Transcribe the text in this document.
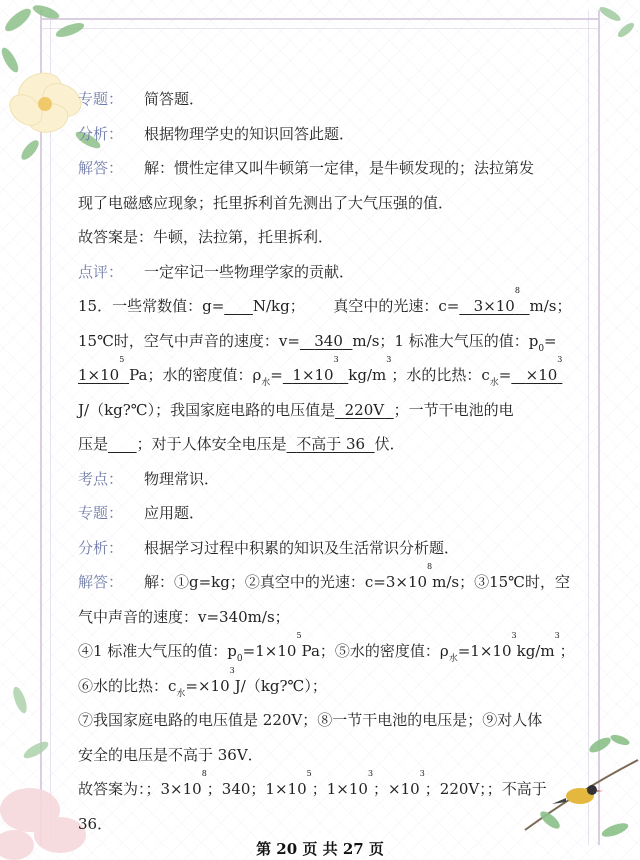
专题： 简答题．
分析： 根据物理学史的知识回答此题．
解答： 解：惯性定律又叫牛顿第一定律，是牛顿发现的；法拉第发
现了电磁感应现象；托里拆利首先测出了大气压强的值．
故答案是：牛顿，法拉第，托里拆利．
点评： 一定牢记一些物理学家的贡献．
15．一些常数值：g= N/kg； 真空中的光速：$c= 3\times 10^8$  m/s；
15℃时，空气中声音的速度：v= 340 m/s；1 标准大气压的值：$p_0=$
$1\times 10^5$ Pa；水的密度值：$\rho_水= 1\times 10^3$  $kg/m^3$；水的比热：$c_水= \times 10^3$
J/（kg?℃）；我国家庭电路的电压值是 220V ；一节干电池的电
压是 ；对于人体安全电压是 不高于 36 伏．
考点： 物理常识．
专题： 应用题．
分析： 根据学习过程中积累的知识及生活常识分析题．
解答： 解：①g=kg；②真空中的光速：$c=3\times 10^8m/s$；③15℃时，空
气中声音的速度：v=340m/s；
④1 标准大气压的值：$p_0=1\times 10^5Pa$；⑤水的密度值：$\rho_水=1\times 10^3kg/m^3$；
⑥水的比热：$c_水=\times 10^3J/(kg?℃)$；
⑦我国家庭电路的电压值是 220V；⑧一节干电池的电压是；⑨对人体
安全的电压是不高于 36V．
故答案为：；$3\times 10^8$；340；$1\times 10^5$；$1\times 10^3$；$\times 10^3$；220V；；不高于
36．
第 20 页 共 27 页
